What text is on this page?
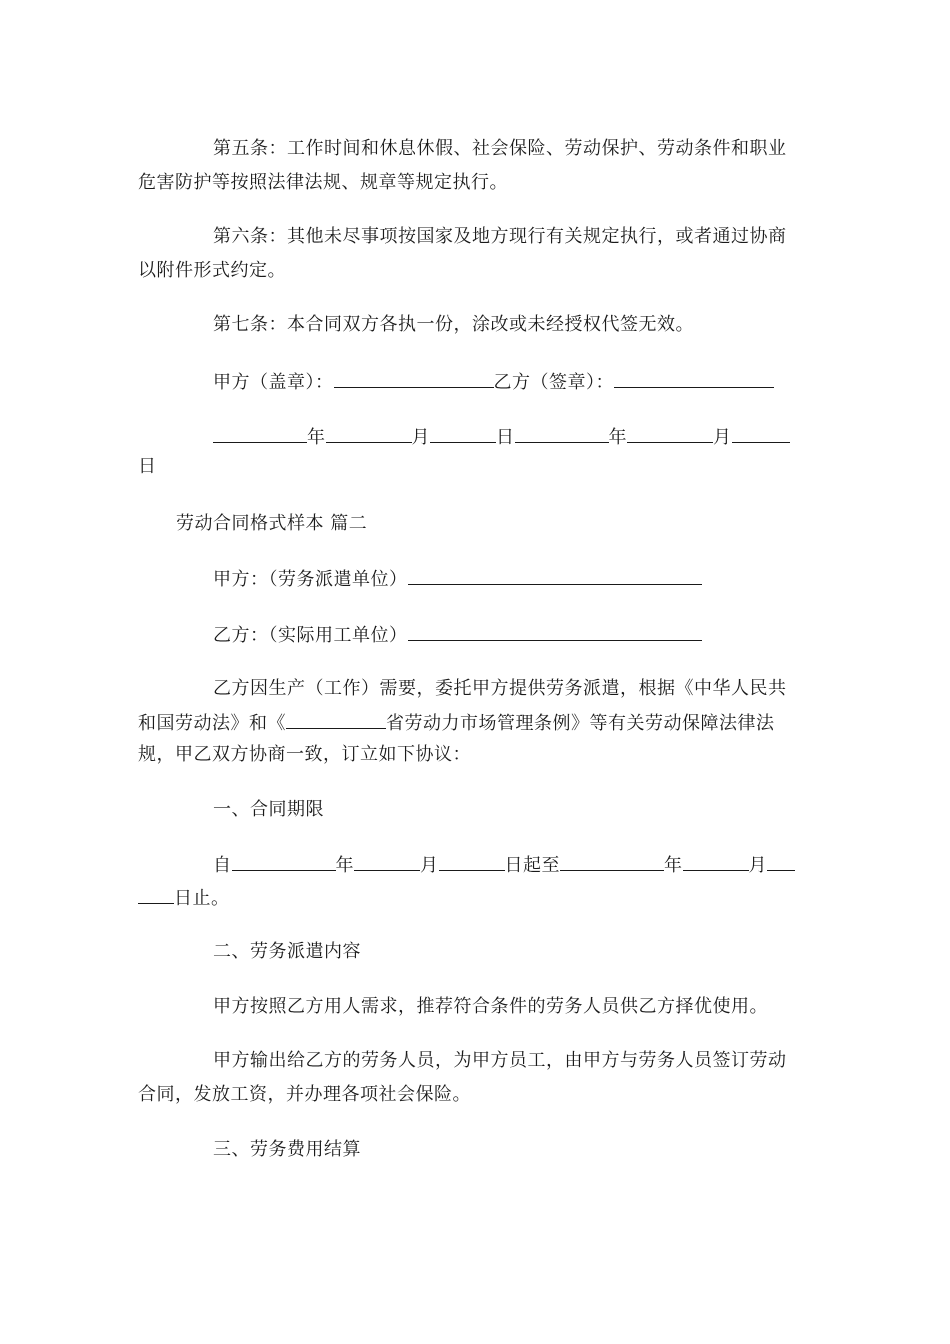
第五条：工作时间和休息休假、社会保险、劳动保护、劳动条件和职业
危害防护等按照法律法规、规章等规定执行。
第六条：其他未尽事项按国家及地方现行有关规定执行，或者通过协商
以附件形式约定。
第七条：本合同双方各执一份，涂改或未经授权代签无效。
甲方（盖章）：	乙方（签章）：
年	月	日	年	月
日
劳动合同格式样本 篇二
甲方：（劳务派遣单位）
乙方：（实际用工单位）
乙方因生产（工作）需要，委托甲方提供劳务派遣，根据《中华人民共
和国劳动法》和《	省劳动力市场管理条例》等有关劳动保障法律法
规，甲乙双方协商一致，订立如下协议：
一、合同期限
自	年	月	日起至	年	月
日止。
二、劳务派遣内容
甲方按照乙方用人需求，推荐符合条件的劳务人员供乙方择优使用。
甲方输出给乙方的劳务人员，为甲方员工，由甲方与劳务人员签订劳动
合同，发放工资，并办理各项社会保险。
三、劳务费用结算
